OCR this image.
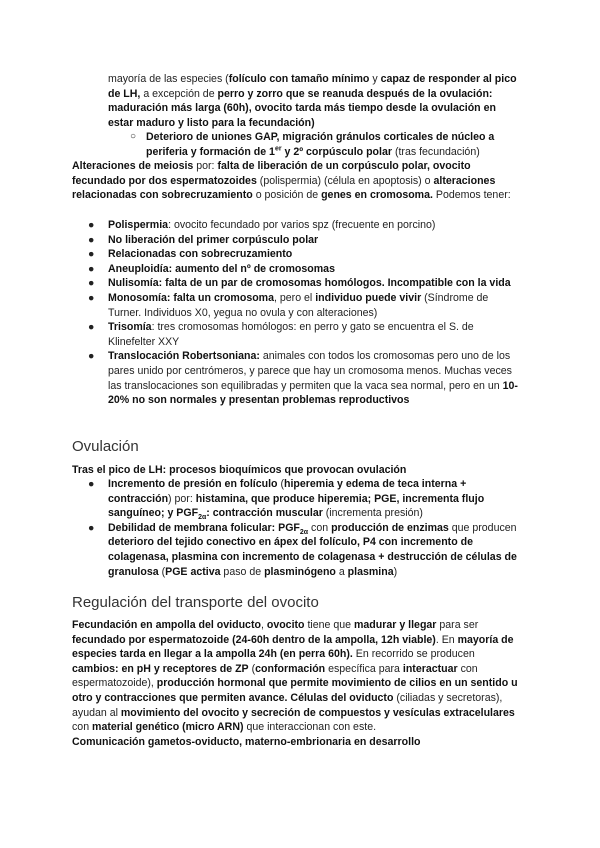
mayoría de las especies (folículo con tamaño mínimo y capaz de responder al pico de LH, a excepción de perro y zorro que se reanuda después de la ovulación: maduración más larga (60h), ovocito tarda más tiempo desde la ovulación en estar maduro y listo para la fecundación)

○ Deterioro de uniones GAP, migración gránulos corticales de núcleo a periferia y formación de 1er y 2º corpúsculo polar (tras fecundación)

Alteraciones de meiosis por: falta de liberación de un corpúsculo polar, ovocito fecundado por dos espermatozoides (polispermia) (célula en apoptosis) o alteraciones relacionadas con sobrecruzamiento o posición de genes en cromosoma. Podemos tener:

● Polispermia: ovocito fecundado por varios spz (frecuente en porcino)
● No liberación del primer corpúsculo polar
● Relacionadas con sobrecruzamiento
● Aneuploidía: aumento del nº de cromosomas
● Nulisomía: falta de un par de cromosomas homólogos. Incompatible con la vida
● Monosomía: falta un cromosoma, pero el individuo puede vivir (Síndrome de Turner. Individuos X0, yegua no ovula y con alteraciones)
● Trisomía: tres cromosomas homólogos: en perro y gato se encuentra el S. de Klinefelter XXY
● Translocación Robertsoniana: animales con todos los cromosomas pero uno de los pares unido por centrómeros, y parece que hay un cromosoma menos. Muchas veces las translocaciones son equilibradas y permiten que la vaca sea normal, pero en un 10-20% no son normales y presentan problemas reproductivos
Ovulación

Tras el pico de LH: procesos bioquímicos que provocan ovulación

● Incremento de presión en folículo (hiperemia y edema de teca interna + contracción) por: histamina, que produce hiperemia; PGE, incrementa flujo sanguíneo; y $PGF_{2\alpha}$: contracción muscular (incrementa presión)
● Debilidad de membrana folicular: $PGF_{2\alpha}$ con producción de enzimas que producen deterioro del tejido conectivo en ápex del folículo, P4 con incremento de colagenasa, plasmina con incremento de colagenasa + destrucción de células de granulosa (PGE activa paso de plasminógeno a plasmina)
Regulación del transporte del ovocito

Fecundación en ampolla del oviducto, ovocito tiene que madurar y llegar para ser fecundado por espermatozoide (24-60h dentro de la ampolla, 12h viable). En mayoría de especies tarda en llegar a la ampolla 24h (en perra 60h). En recorrido se producen cambios: en pH y receptores de ZP (conformación específica para interactuar con espermatozoide), producción hormonal que permite movimiento de cilios en un sentido u otro y contracciones que permiten avance. Células del oviducto (ciliadas y secretoras), ayudan al movimiento del ovocito y secreción de compuestos y vesículas extracelulares con material genético (micro ARN) que interaccionan con este.
Comunicación gametos-oviducto, materno-embrionaria en desarrollo
